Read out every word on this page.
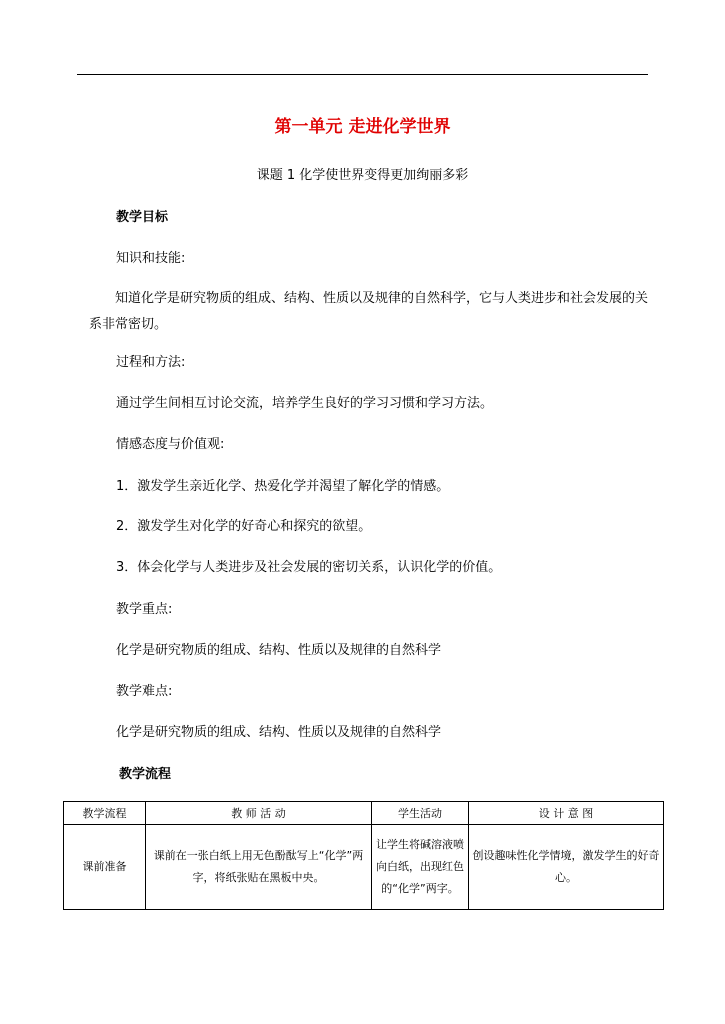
第一单元 走进化学世界
课题 1 化学使世界变得更加绚丽多彩
教学目标
知识和技能:
知道化学是研究物质的组成、结构、性质以及规律的自然科学，它与人类进步和社会发展的关系非常密切。
过程和方法:
通过学生间相互讨论交流，培养学生良好的学习习惯和学习方法。
情感态度与价值观:
1．激发学生亲近化学、热爱化学并渴望了解化学的情感。
2．激发学生对化学的好奇心和探究的欲望。
3．体会化学与人类进步及社会发展的密切关系，认识化学的价值。
教学重点:
化学是研究物质的组成、结构、性质以及规律的自然科学
教学难点:
化学是研究物质的组成、结构、性质以及规律的自然科学
教学流程
教学流程	教 师 活 动	学生活动	设 计 意 图
课前准备	课前在一张白纸上用无色酚酞写上“化学”两字，将纸张贴在黑板中央。	让学生将碱溶液喷向白纸，出现红色的“化学”两字。	创设趣味性化学情境，激发学生的好奇心。
